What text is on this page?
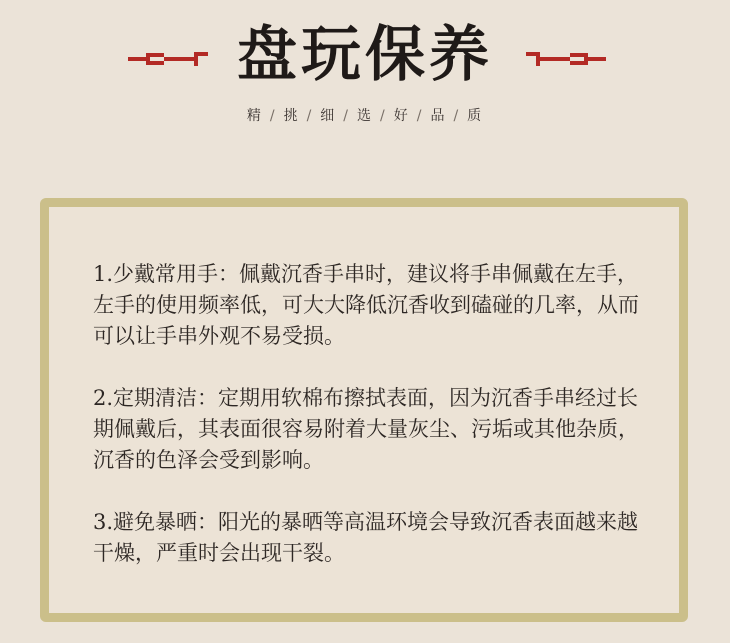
盘玩保养
精 / 挑 / 细 / 选 / 好 / 品 / 质

1.少戴常用手：佩戴沉香手串时，建议将手串佩戴在左手，左手的使用频率低，可大大降低沉香收到磕碰的几率，从而可以让手串外观不易受损。

2.定期清洁：定期用软棉布擦拭表面，因为沉香手串经过长期佩戴后，其表面很容易附着大量灰尘、污垢或其他杂质，沉香的色泽会受到影响。

3.避免暴晒：阳光的暴晒等高温环境会导致沉香表面越来越干燥，严重时会出现干裂。
